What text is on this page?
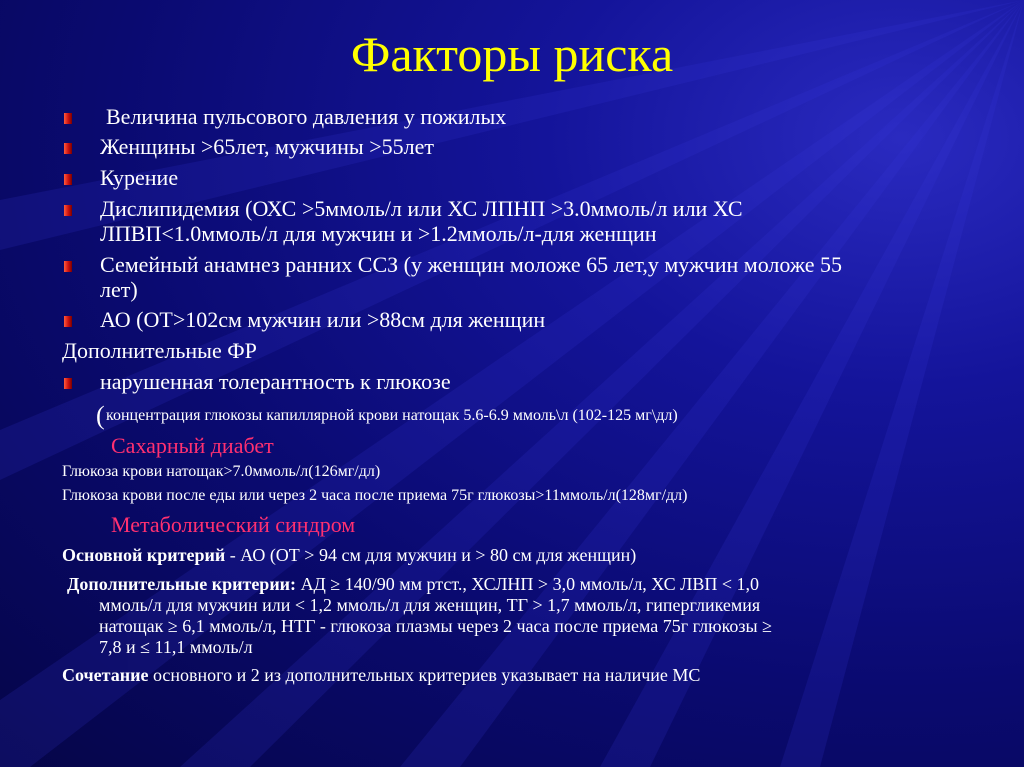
Факторы риска
Величина пульсового давления у пожилых
Женщины >65лет, мужчины >55лет
Курение
Дислипидемия (ОХС >5ммоль/л или ХС ЛПНП >3.0ммоль/л или ХС
ЛПВП<1.0ммоль/л для мужчин и >1.2ммоль/л-для женщин
Семейный анамнез ранних ССЗ (у женщин моложе 65 лет,у мужчин моложе 55
лет)
АО (ОТ>102см мужчин или >88см для женщин
Дополнительные ФР
нарушенная толерантность к глюкозе
( концентрация глюкозы капиллярной крови натощак 5.6-6.9 ммоль\л (102-125 мг\дл)
Сахарный диабет
Глюкоза крови натощак>7.0ммоль/л(126мг/дл)
Глюкоза крови после еды или через 2 часа после приема 75г глюкозы>11ммоль/л(128мг/дл)
Метаболический синдром
Основной критерий - АО (ОТ > 94 см для мужчин и > 80 см для женщин)
Дополнительные критерии: АД ≥ 140/90 мм ртст., ХСЛНП > 3,0 ммоль/л, ХС ЛВП < 1,0
ммоль/л для мужчин или < 1,2 ммоль/л для женщин, ТГ > 1,7 ммоль/л, гипергликемия
натощак ≥ 6,1 ммоль/л, НТГ - глюкоза плазмы через 2 часа после приема 75г глюкозы ≥
7,8 и ≤ 11,1 ммоль/л
Сочетание основного и 2 из дополнительных критериев указывает на наличие МС
